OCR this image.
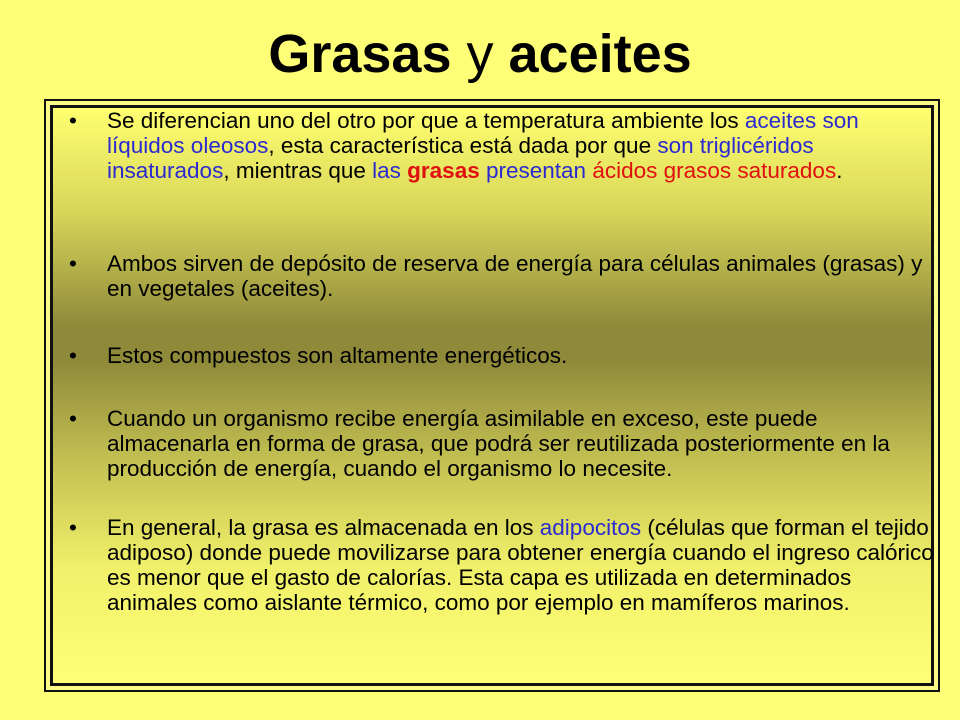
Grasas y aceites
• Se diferencian uno del otro por que a temperatura ambiente los aceites son líquidos oleosos, esta característica está dada por que son triglicéridos insaturados, mientras que las grasas presentan ácidos grasos saturados.
• Ambos sirven de depósito de reserva de energía para células animales (grasas) y en vegetales (aceites).
• Estos compuestos son altamente energéticos.
• Cuando un organismo recibe energía asimilable en exceso, este puede almacenarla en forma de grasa, que podrá ser reutilizada posteriormente en la producción de energía, cuando el organismo lo necesite.
• En general, la grasa es almacenada en los adipocitos (células que forman el tejido adiposo) donde puede movilizarse para obtener energía cuando el ingreso calórico es menor que el gasto de calorías. Esta capa es utilizada en determinados animales como aislante térmico, como por ejemplo en mamíferos marinos.
